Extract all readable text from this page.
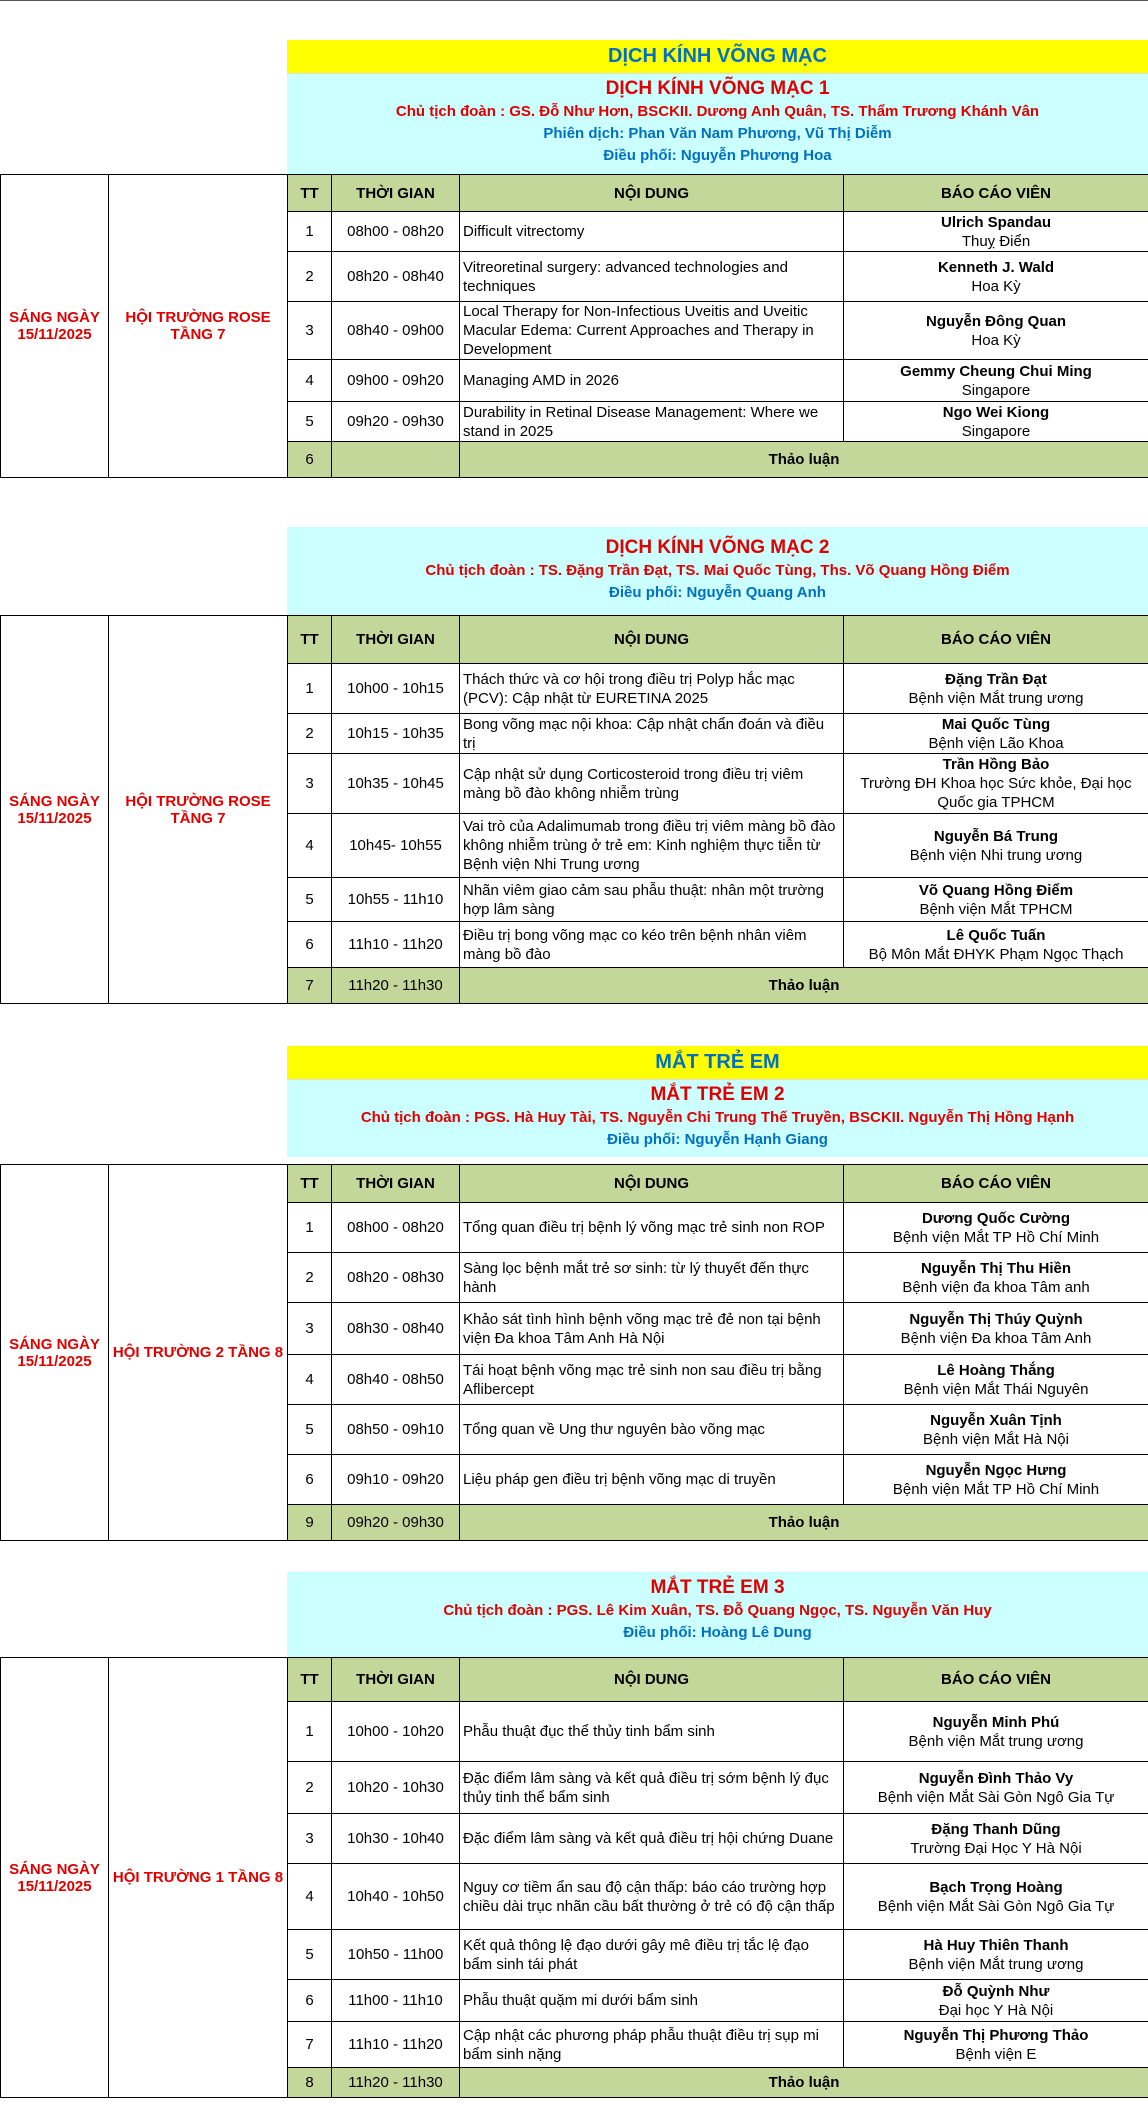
DỊCH KÍNH VÕNG MẠC
DỊCH KÍNH VÕNG MẠC 1
Chủ tịch đoàn : GS. Đỗ Như Hơn, BSCKII. Dương Anh Quân, TS. Thẩm Trương Khánh Vân
Phiên dịch: Phan Văn Nam Phương, Vũ Thị Diễm
Điều phối: Nguyễn Phương Hoa
SÁNG NGÀY 15/11/2025	HỘI TRƯỜNG ROSE TẦNG 7	TT	THỜI GIAN	NỘI DUNG	BÁO CÁO VIÊN
		1	08h00 - 08h20	Difficult vitrectomy	Ulrich Spandau
Thuỵ Điển

		2	08h20 - 08h40	Vitreoretinal surgery: advanced technologies and techniques	Kenneth J. Wald
Hoa Kỳ

		3	08h40 - 09h00	Local Therapy for Non-Infectious Uveitis and Uveitic Macular Edema: Current Approaches and Therapy in Development	Nguyễn Đông Quan
Hoa Kỳ

		4	09h00 - 09h20	Managing AMD in 2026	Gemmy Cheung Chui Ming
Singapore

		5	09h20 - 09h30	Durability in Retinal Disease Management: Where we stand in 2025	Ngo Wei Kiong
Singapore

		6		Thảo luận	
DỊCH KÍNH VÕNG MẠC 2
Chủ tịch đoàn : TS. Đặng Trần Đạt, TS. Mai Quốc Tùng, Ths. Võ Quang Hồng Điểm
Điều phối: Nguyễn Quang Anh
SÁNG NGÀY 15/11/2025	HỘI TRƯỜNG ROSE TẦNG 7	TT	THỜI GIAN	NỘI DUNG	BÁO CÁO VIÊN
		1	10h00 - 10h15	Thách thức và cơ hội trong điều trị Polyp hắc mạc (PCV): Cập nhật từ EURETINA 2025	Đặng Trần Đạt
Bệnh viện Mắt trung ương

		2	10h15 - 10h35	Bong võng mạc nội khoa: Cập nhật chẩn đoán và điều trị	Mai Quốc Tùng
Bệnh viện Lão Khoa

		3	10h35 - 10h45	Cập nhật sử dụng Corticosteroid trong điều trị viêm màng bồ đào không nhiễm trùng	Trần Hồng Bảo
Trường ĐH Khoa học Sức khỏe, Đại học Quốc gia TPHCM

		4	10h45- 10h55	Vai trò của Adalimumab trong điều trị viêm màng bồ đào không nhiễm trùng ở trẻ em: Kinh nghiệm thực tiễn từ Bệnh viện Nhi Trung ương	Nguyễn Bá Trung
Bệnh viện Nhi trung ương

		5	10h55 - 11h10	Nhãn viêm giao cảm sau phẫu thuật: nhân một trường hợp lâm sàng	Võ Quang Hồng Điểm
Bệnh viện Mắt TPHCM

		6	11h10 - 11h20	Điều trị bong võng mạc co kéo trên bệnh nhân viêm màng bồ đào	Lê Quốc Tuấn
Bộ Môn Mắt ĐHYK Phạm Ngọc Thạch

		7	11h20 - 11h30	Thảo luận	
MẮT TRẺ EM
MẮT TRẺ EM 2
Chủ tịch đoàn : PGS. Hà Huy Tài, TS. Nguyễn Chi Trung Thế Truyền, BSCKII. Nguyễn Thị Hồng Hạnh
Điều phối: Nguyễn Hạnh Giang
SÁNG NGÀY 15/11/2025	HỘI TRƯỜNG 2 TẦNG 8	TT	THỜI GIAN	NỘI DUNG	BÁO CÁO VIÊN
		1	08h00 - 08h20	Tổng quan điều trị bệnh lý võng mạc trẻ sinh non ROP	Dương Quốc Cường
Bệnh viện Mắt TP Hồ Chí Minh

		2	08h20 - 08h30	Sàng lọc bệnh mắt trẻ sơ sinh: từ lý thuyết đến thực hành	Nguyễn Thị Thu Hiền
Bệnh viện đa khoa Tâm anh

		3	08h30 - 08h40	Khảo sát tình hình bệnh võng mạc trẻ đẻ non tại bệnh viện Đa khoa Tâm Anh Hà Nội	Nguyễn Thị Thúy Quỳnh
Bệnh viện Đa khoa Tâm Anh

		4	08h40 - 08h50	Tái hoạt bệnh võng mạc trẻ sinh non sau điều trị bằng Aflibercept	Lê Hoàng Thắng
Bệnh viện Mắt Thái Nguyên

		5	08h50 - 09h10	Tổng quan về Ung thư nguyên bào võng mạc	Nguyễn Xuân Tịnh
Bệnh viện Mắt Hà Nội

		6	09h10 - 09h20	Liệu pháp gen điều trị bệnh võng mạc di truyền	Nguyễn Ngọc Hưng
Bệnh viện Mắt TP Hồ Chí Minh

		9	09h20 - 09h30	Thảo luận	
MẮT TRẺ EM 3
Chủ tịch đoàn : PGS. Lê Kim Xuân, TS. Đỗ Quang Ngọc, TS. Nguyễn Văn Huy
Điều phối: Hoàng Lê Dung
SÁNG NGÀY 15/11/2025	HỘI TRƯỜNG 1 TẦNG 8	TT	THỜI GIAN	NỘI DUNG	BÁO CÁO VIÊN
		1	10h00 - 10h20	Phẫu thuật đục thể thủy tinh bẩm sinh	Nguyễn Minh Phú
Bệnh viện Mắt trung ương

		2	10h20 - 10h30	Đặc điểm lâm sàng và kết quả điều trị sớm bệnh lý đục thủy tinh thể bẩm sinh	Nguyễn Đình Thảo Vy
Bệnh viện Mắt Sài Gòn Ngô Gia Tự

		3	10h30 - 10h40	Đặc điểm lâm sàng và kết quả điều trị hội chứng Duane	Đặng Thanh Dũng
Trường Đại Học Y Hà Nội

		4	10h40 - 10h50	Nguy cơ tiềm ẩn sau độ cận thấp: báo cáo trường hợp chiều dài trục nhãn cầu bất thường ở trẻ có độ cận thấp	Bạch Trọng Hoàng
Bệnh viện Mắt Sài Gòn Ngô Gia Tự

		5	10h50 - 11h00	Kết quả thông lệ đạo dưới gây mê điều trị tắc lệ đạo bẩm sinh tái phát	Hà Huy Thiên Thanh
Bệnh viện Mắt trung ương

		6	11h00 - 11h10	Phẫu thuật quặm mi dưới bẩm sinh	Đỗ Quỳnh Như
Đại học Y Hà Nội

		7	11h10 - 11h20	Cập nhật các phương pháp phẫu thuật điều trị sụp mi bẩm sinh nặng	Nguyễn Thị Phương Thảo
Bệnh viện E

		8	11h20 - 11h30	Thảo luận	
